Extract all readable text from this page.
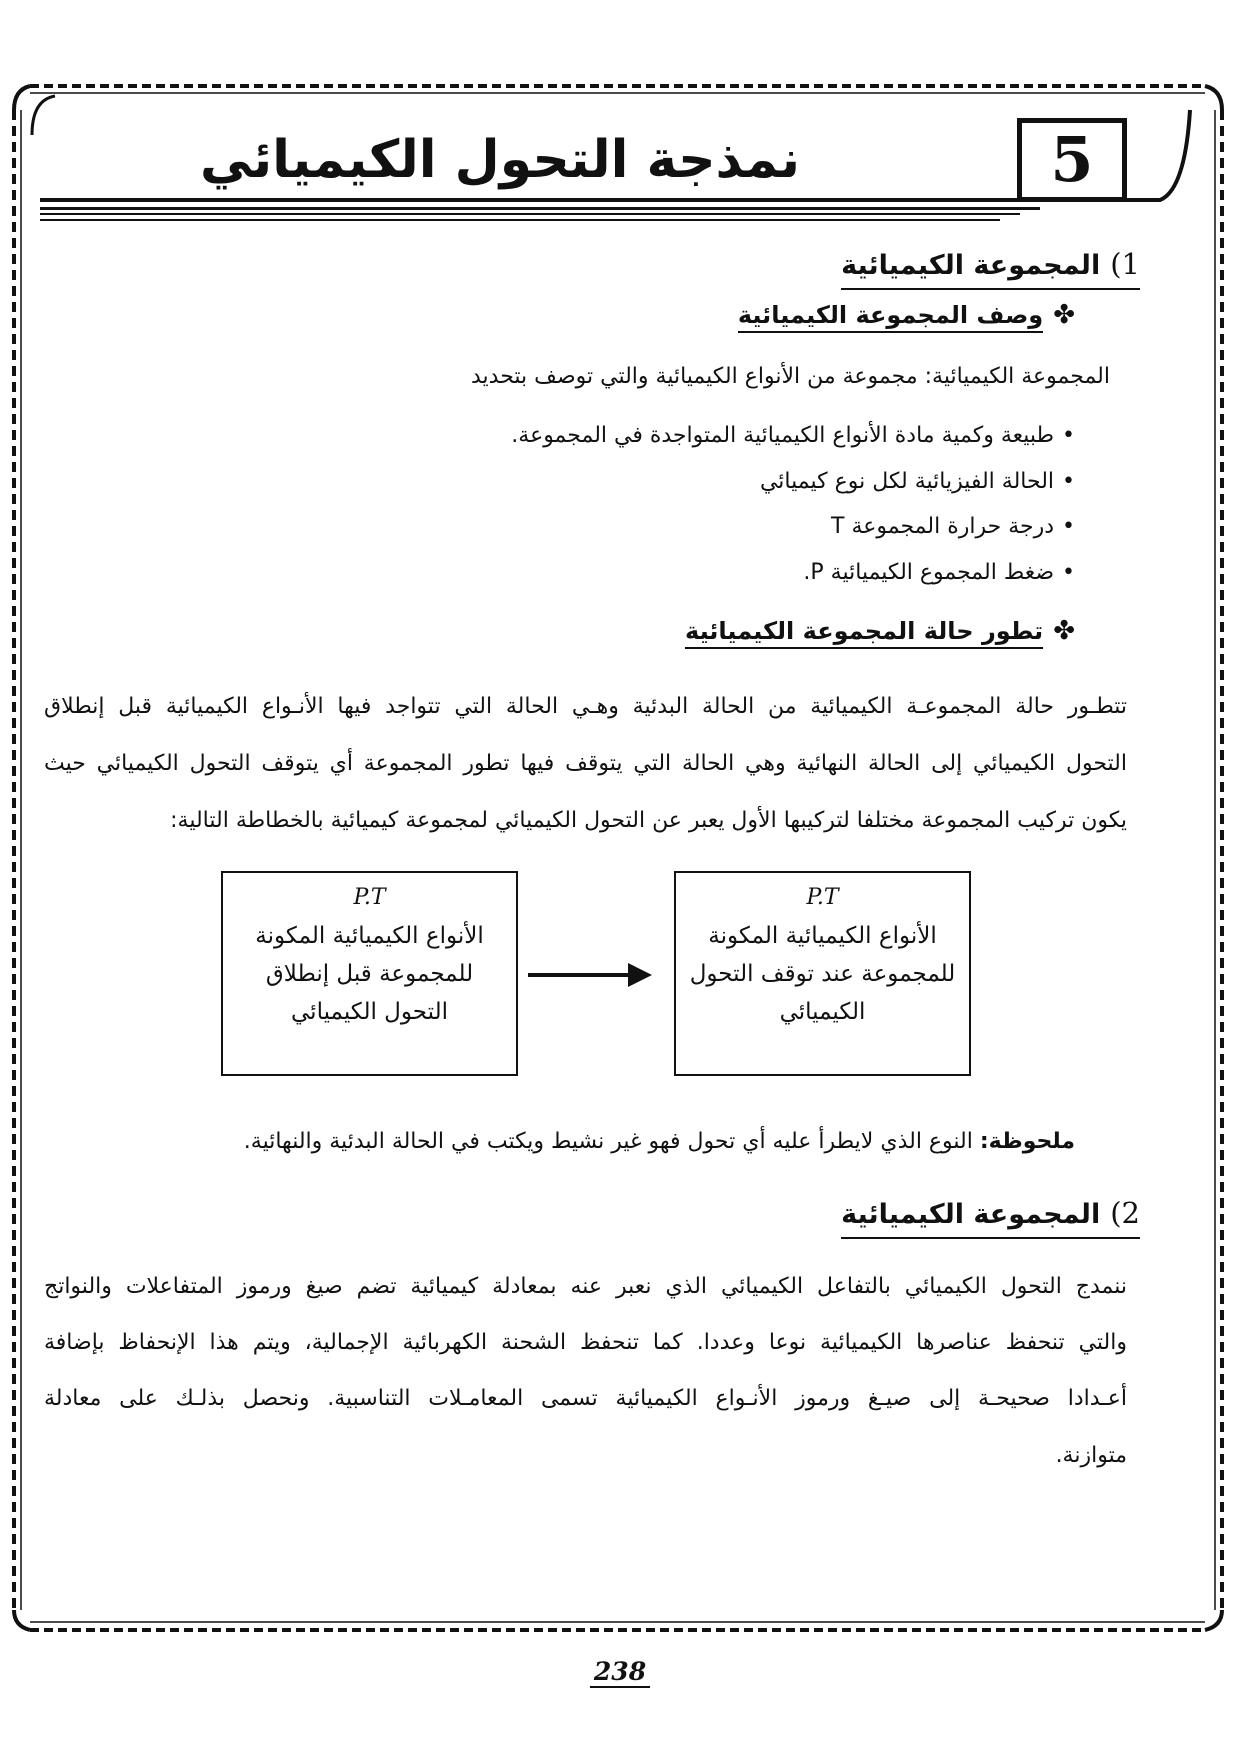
5
نمذجة التحول الكيميائي
1)المجموعة الكيميائية
✤وصف المجموعة الكيميائية
المجموعة الكيميائية: مجموعة من الأنواع الكيميائية والتي توصف بتحديد
• طبيعة وكمية مادة الأنواع الكيميائية المتواجدة في المجموعة.
• الحالة الفيزيائية لكل نوع كيميائي
• درجة حرارة المجموعة T
• ضغط المجموع الكيميائية P.
✤تطور حالة المجموعة الكيميائية
تتطـور حالة المجموعـة الكيميائية من الحالة البدئية وهـي الحالة التي تتواجد فيها الأنـواع الكيميائية قبل إنطلاق
التحول الكيميائي إلى الحالة النهائية وهي الحالة التي يتوقف فيها تطور المجموعة أي يتوقف التحول الكيميائي حيث
يكون تركيب المجموعة مختلفا لتركيبها الأول يعبر عن التحول الكيميائي لمجموعة كيميائية بالخطاطة التالية:
P.T
الأنواع الكيميائية المكونة للمجموعة عند توقف التحول الكيميائي
P.T
الأنواع الكيميائية المكونة للمجموعة قبل إنطلاق التحول الكيميائي
ملحوظة: النوع الذي لايطرأ عليه أي تحول فهو غير نشيط ويكتب في الحالة البدئية والنهائية.
2)المجموعة الكيميائية
ننمدج التحول الكيميائي بالتفاعل الكيميائي الذي نعبر عنه بمعادلة كيميائية تضم صيغ ورموز المتفاعلات والنواتج
والتي تنحفظ عناصرها الكيميائية نوعا وعددا. كما تنحفظ الشحنة الكهربائية الإجمالية، ويتم هذا الإنحفاظ بإضافة
أعـدادا صحيحـة إلى صيـغ ورموز الأنـواع الكيميائية تسمى المعامـلات التناسبية. ونحصل بذلـك على معادلة
متوازنة.
238
